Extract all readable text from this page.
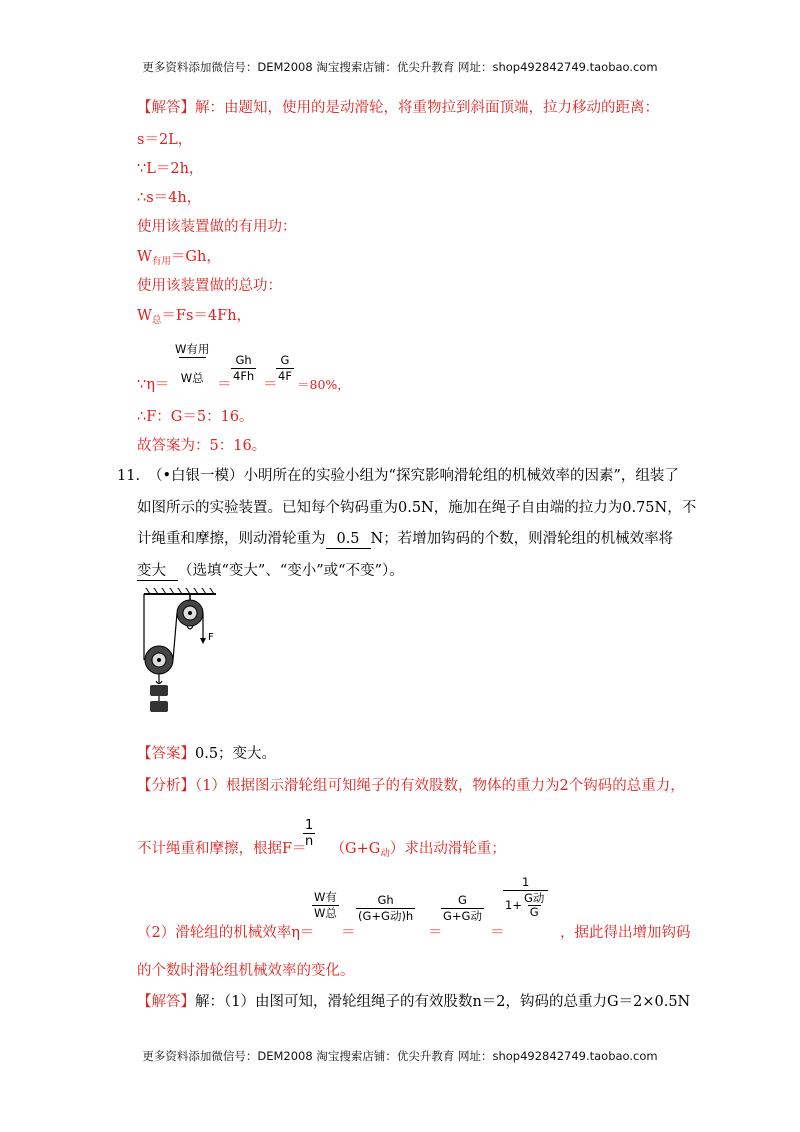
更多资料添加微信号：DEM2008 淘宝搜索店铺：优尖升教育 网址：shop492842749.taobao.com
【解答】解：由题知，使用的是动滑轮，将重物拉到斜面顶端，拉力移动的距离：
s＝2L，
∵L＝2h，
∴s＝4h，
使用该装置做的有用功：
$W_{有用}=Gh$，
使用该装置做的总功：
$W_总=Fs=4Fh$，
∵η＝
W有用
W总 ＝
$\frac{Gh}{4Fh}$
＝
$\frac{G}{4F}$
＝80%，
∴F：G＝5：16。
故答案为：5：16。
11. （•白银一模）小明所在的实验小组为“探究影响滑轮组的机械效率的因素”，组装了
如图所示的实验装置。已知每个钩码重为0.5N，施加在绳子自由端的拉力为0.75N，不
计绳重和摩擦，则动滑轮重为 0.5 N；若增加钩码的个数，则滑轮组的机械效率将
变大 （选填“变大”、“变小”或“不变”）。
F
【答案】0.5；变大。
【分析】（1）根据图示滑轮组可知绳子的有效股数，物体的重力为2个钩码的总重力，
不计绳重和摩擦，根据$F= (G+G_动)$求出动滑轮重；
$\frac{1}{n}$
（2）滑轮组的机械效率η＝
W有
W总
＝
Gh
(G+G动)h
＝
G
G+G动
＝
1
1+ G动
G
，据此得出增加钩码
的个数时滑轮组机械效率的变化。
【解答】解：（1）由图可知，滑轮组绳子的有效股数n＝2，钩码的总重力G＝2×0.5N
更多资料添加微信号：DEM2008 淘宝搜索店铺：优尖升教育 网址：shop492842749.taobao.com
